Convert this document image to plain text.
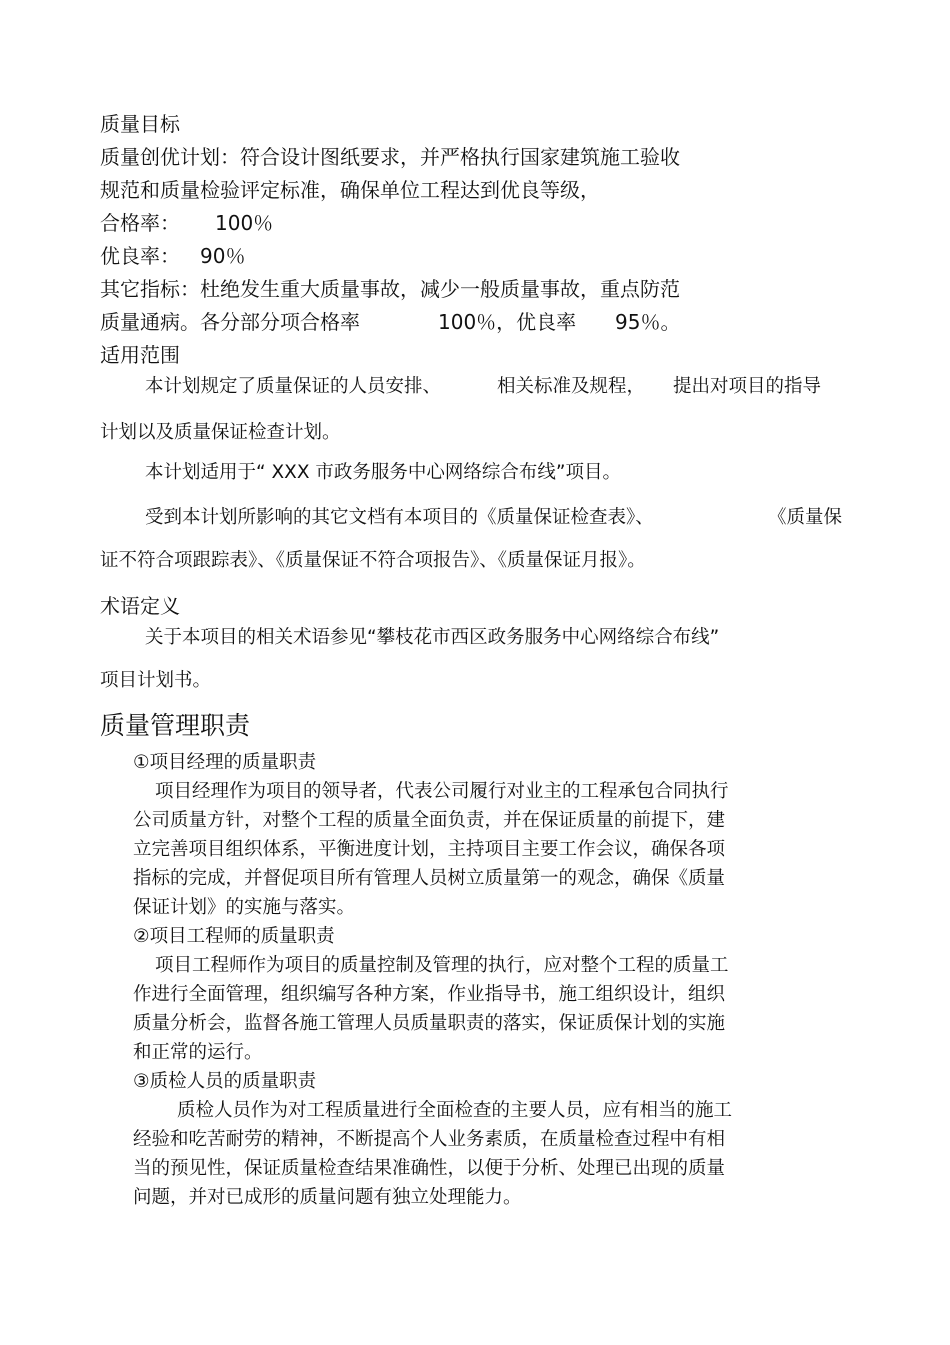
质量目标
质量创优计划：符合设计图纸要求，并严格执行国家建筑施工验收
规范和质量检验评定标准，确保单位工程达到优良等级，
合格率： 100％
优良率： 90％
其它指标：杜绝发生重大质量事故，减少一般质量事故，重点防范
质量通病。各分部分项合格率	100％，优良率 95％。
适用范围
本计划规定了质量保证的人员安排、	相关标准及规程， 提出对项目的指导
计划以及质量保证检查计划。
本计划适用于“ XXX 市政务服务中心网络综合布线”项目。
受到本计划所影响的其它文档有本项目的《质量保证检查表》、	《质量保
证不符合项跟踪表》、《质量保证不符合项报告》、《质量保证月报》。
术语定义
关于本项目的相关术语参见“攀枝花市西区政务服务中心网络综合布线”
项目计划书。
质量管理职责
①项目经理的质量职责
项目经理作为项目的领导者，代表公司履行对业主的工程承包合同执行
公司质量方针，对整个工程的质量全面负责，并在保证质量的前提下，建
立完善项目组织体系，平衡进度计划，主持项目主要工作会议，确保各项
指标的完成，并督促项目所有管理人员树立质量第一的观念，确保《质量
保证计划》的实施与落实。
②项目工程师的质量职责
项目工程师作为项目的质量控制及管理的执行，应对整个工程的质量工
作进行全面管理，组织编写各种方案，作业指导书，施工组织设计，组织
质量分析会，监督各施工管理人员质量职责的落实，保证质保计划的实施
和正常的运行。
③质检人员的质量职责
质检人员作为对工程质量进行全面检查的主要人员，应有相当的施工
经验和吃苦耐劳的精神，不断提高个人业务素质，在质量检查过程中有相
当的预见性，保证质量检查结果准确性，以便于分析、处理已出现的质量
问题，并对已成形的质量问题有独立处理能力。
